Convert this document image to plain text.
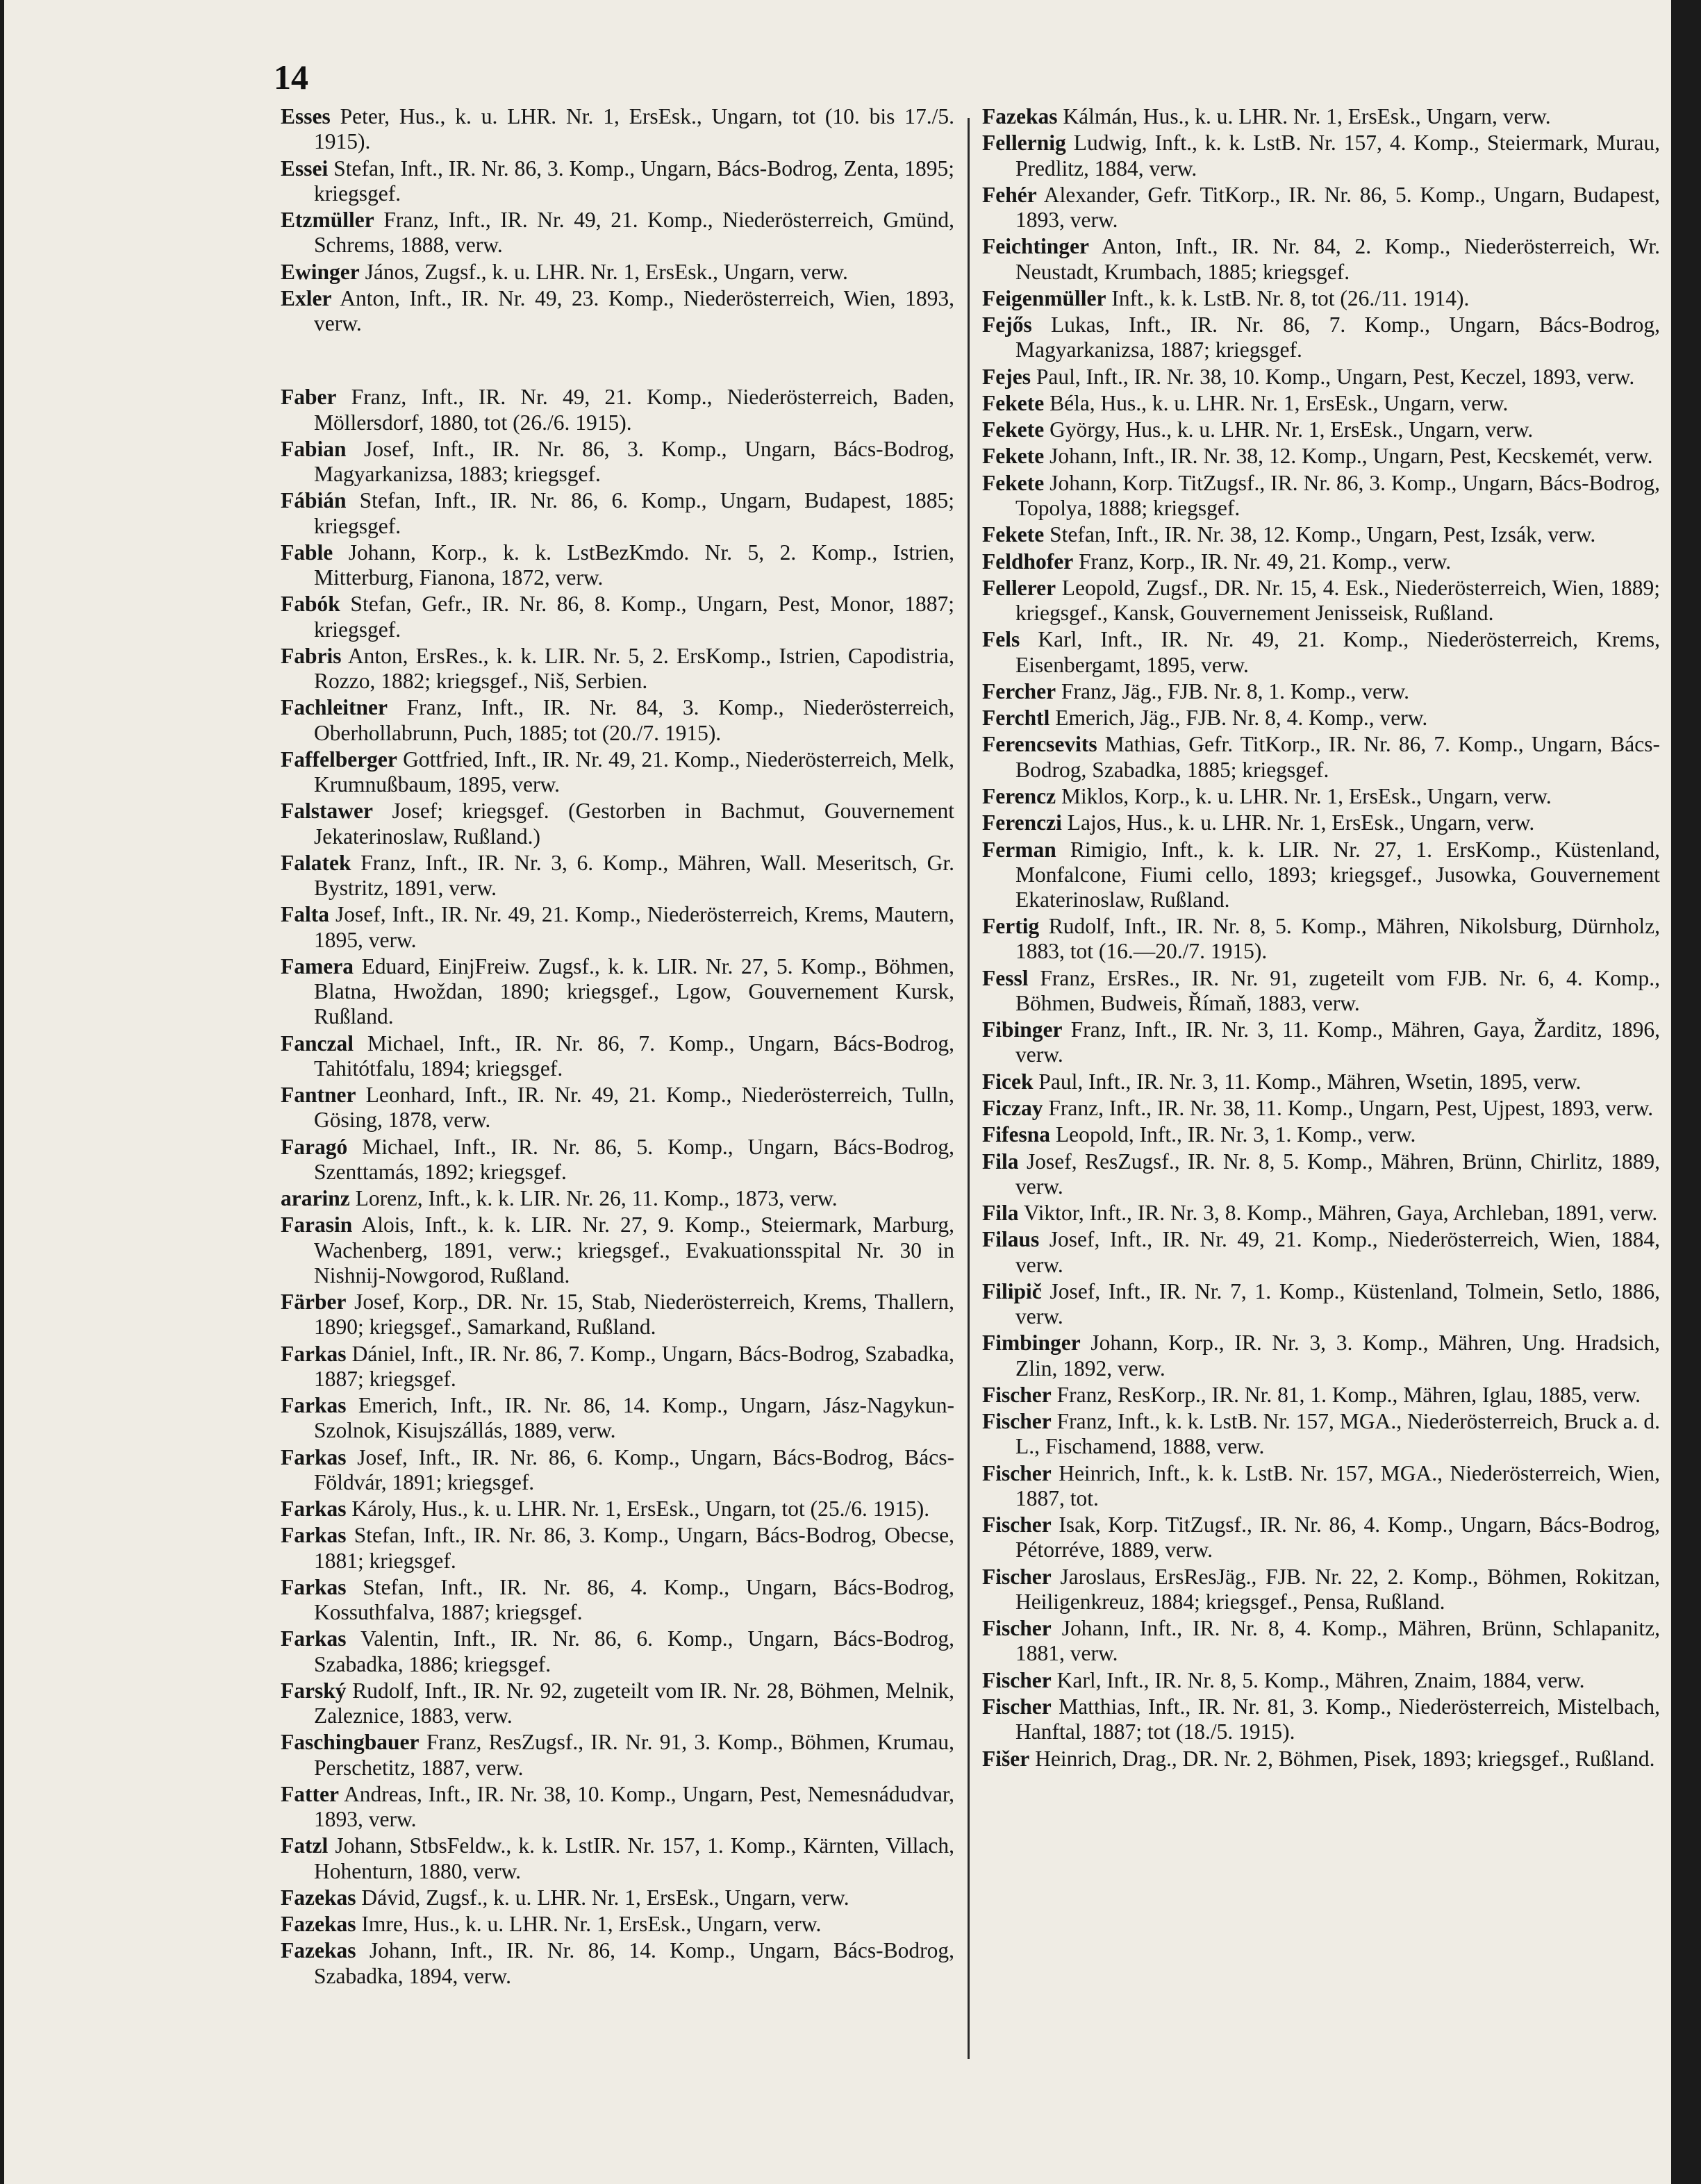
14

Esses Peter, Hus., k. u. LHR. Nr. 1, ErsEsk., Ungarn, tot (10. bis 17./5. 1915).

Essei Stefan, Inft., IR. Nr. 86, 3. Komp., Ungarn, Bács-Bodrog, Zenta, 1895; kriegsgef.

Etzmüller Franz, Inft., IR. Nr. 49, 21. Komp., Niederösterreich, Gmünd, Schrems, 1888, verw.

Ewinger János, Zugsf., k. u. LHR. Nr. 1, ErsEsk., Ungarn, verw.

Exler Anton, Inft., IR. Nr. 49, 23. Komp., Niederösterreich, Wien, 1893, verw.

Faber Franz, Inft., IR. Nr. 49, 21. Komp., Niederösterreich, Baden, Möllersdorf, 1880, tot (26./6. 1915).

Fabian Josef, Inft., IR. Nr. 86, 3. Komp., Ungarn, Bács-Bodrog, Magyarkanizsa, 1883; kriegsgef.

Fábián Stefan, Inft., IR. Nr. 86, 6. Komp., Ungarn, Budapest, 1885; kriegsgef.

Fable Johann, Korp., k. k. LstBezKmdo. Nr. 5, 2. Komp., Istrien, Mitterburg, Fianona, 1872, verw.

Fabók Stefan, Gefr., IR. Nr. 86, 8. Komp., Ungarn, Pest, Monor, 1887; kriegsgef.

Fabris Anton, ErsRes., k. k. LIR. Nr. 5, 2. ErsKomp., Istrien, Capodistria, Rozzo, 1882; kriegsgef., Niš, Serbien.

Fachleitner Franz, Inft., IR. Nr. 84, 3. Komp., Niederösterreich, Oberhollabrunn, Puch, 1885; tot (20./7. 1915).

Faffelberger Gottfried, Inft., IR. Nr. 49, 21. Komp., Niederösterreich, Melk, Krumnußbaum, 1895, verw.

Falstawer Josef; kriegsgef. (Gestorben in Bachmut, Gouvernement Jekaterinoslaw, Rußland.)

Falatek Franz, Inft., IR. Nr. 3, 6. Komp., Mähren, Wall. Meseritsch, Gr. Bystritz, 1891, verw.

Falta Josef, Inft., IR. Nr. 49, 21. Komp., Niederösterreich, Krems, Mautern, 1895, verw.

Famera Eduard, EinjFreiw. Zugsf., k. k. LIR. Nr. 27, 5. Komp., Böhmen, Blatna, Hwoždan, 1890; kriegsgef., Lgow, Gouvernement Kursk, Rußland.

Fanczal Michael, Inft., IR. Nr. 86, 7. Komp., Ungarn, Bács-Bodrog, Tahitótfalu, 1894; kriegsgef.

Fantner Leonhard, Inft., IR. Nr. 49, 21. Komp., Niederösterreich, Tulln, Gösing, 1878, verw.

Faragó Michael, Inft., IR. Nr. 86, 5. Komp., Ungarn, Bács-Bodrog, Szenttamás, 1892; kriegsgef.

ararinz Lorenz, Inft., k. k. LIR. Nr. 26, 11. Komp., 1873, verw.

Farasin Alois, Inft., k. k. LIR. Nr. 27, 9. Komp., Steiermark, Marburg, Wachenberg, 1891, verw.; kriegsgef., Evakuationsspital Nr. 30 in Nishnij-Nowgorod, Rußland.

Färber Josef, Korp., DR. Nr. 15, Stab, Niederösterreich, Krems, Thallern, 1890; kriegsgef., Samarkand, Rußland.

Farkas Dániel, Inft., IR. Nr. 86, 7. Komp., Ungarn, Bács-Bodrog, Szabadka, 1887; kriegsgef.

Farkas Emerich, Inft., IR. Nr. 86, 14. Komp., Ungarn, Jász-Nagykun-Szolnok, Kisujszállás, 1889, verw.

Farkas Josef, Inft., IR. Nr. 86, 6. Komp., Ungarn, Bács-Bodrog, Bács-Földvár, 1891; kriegsgef.

Farkas Károly, Hus., k. u. LHR. Nr. 1, ErsEsk., Ungarn, tot (25./6. 1915).

Farkas Stefan, Inft., IR. Nr. 86, 3. Komp., Ungarn, Bács-Bodrog, Obecse, 1881; kriegsgef.

Farkas Stefan, Inft., IR. Nr. 86, 4. Komp., Ungarn, Bács-Bodrog, Kossuthfalva, 1887; kriegsgef.

Farkas Valentin, Inft., IR. Nr. 86, 6. Komp., Ungarn, Bács-Bodrog, Szabadka, 1886; kriegsgef.

Farský Rudolf, Inft., IR. Nr. 92, zugeteilt vom IR. Nr. 28, Böhmen, Melnik, Zaleznice, 1883, verw.

Faschingbauer Franz, ResZugsf., IR. Nr. 91, 3. Komp., Böhmen, Krumau, Perschetitz, 1887, verw.

Fatter Andreas, Inft., IR. Nr. 38, 10. Komp., Ungarn, Pest, Nemesnádudvar, 1893, verw.

Fatzl Johann, StbsFeldw., k. k. LstIR. Nr. 157, 1. Komp., Kärnten, Villach, Hohenturn, 1880, verw.

Fazekas Dávid, Zugsf., k. u. LHR. Nr. 1, ErsEsk., Ungarn, verw.

Fazekas Imre, Hus., k. u. LHR. Nr. 1, ErsEsk., Ungarn, verw.

Fazekas Johann, Inft., IR. Nr. 86, 14. Komp., Ungarn, Bács-Bodrog, Szabadka, 1894, verw.

Fazekas Kálmán, Hus., k. u. LHR. Nr. 1, ErsEsk., Ungarn, verw.

Fellernig Ludwig, Inft., k. k. LstB. Nr. 157, 4. Komp., Steiermark, Murau, Predlitz, 1884, verw.

Fehér Alexander, Gefr. TitKorp., IR. Nr. 86, 5. Komp., Ungarn, Budapest, 1893, verw.

Feichtinger Anton, Inft., IR. Nr. 84, 2. Komp., Niederösterreich, Wr. Neustadt, Krumbach, 1885; kriegsgef.

Feigenmüller Inft., k. k. LstB. Nr. 8, tot (26./11. 1914).

Fejős Lukas, Inft., IR. Nr. 86, 7. Komp., Ungarn, Bács-Bodrog, Magyarkanizsa, 1887; kriegsgef.

Fejes Paul, Inft., IR. Nr. 38, 10. Komp., Ungarn, Pest, Keczel, 1893, verw.

Fekete Béla, Hus., k. u. LHR. Nr. 1, ErsEsk., Ungarn, verw.

Fekete György, Hus., k. u. LHR. Nr. 1, ErsEsk., Ungarn, verw.

Fekete Johann, Inft., IR. Nr. 38, 12. Komp., Ungarn, Pest, Kecskemét, verw.

Fekete Johann, Korp. TitZugsf., IR. Nr. 86, 3. Komp., Ungarn, Bács-Bodrog, Topolya, 1888; kriegsgef.

Fekete Stefan, Inft., IR. Nr. 38, 12. Komp., Ungarn, Pest, Izsák, verw.

Feldhofer Franz, Korp., IR. Nr. 49, 21. Komp., verw.

Fellerer Leopold, Zugsf., DR. Nr. 15, 4. Esk., Niederösterreich, Wien, 1889; kriegsgef., Kansk, Gouvernement Jenisseisk, Rußland.

Fels Karl, Inft., IR. Nr. 49, 21. Komp., Niederösterreich, Krems, Eisenbergamt, 1895, verw.

Fercher Franz, Jäg., FJB. Nr. 8, 1. Komp., verw.

Ferchtl Emerich, Jäg., FJB. Nr. 8, 4. Komp., verw.

Ferencsevits Mathias, Gefr. TitKorp., IR. Nr. 86, 7. Komp., Ungarn, Bács-Bodrog, Szabadka, 1885; kriegsgef.

Ferencz Miklos, Korp., k. u. LHR. Nr. 1, ErsEsk., Ungarn, verw.

Ferenczi Lajos, Hus., k. u. LHR. Nr. 1, ErsEsk., Ungarn, verw.

Ferman Rimigio, Inft., k. k. LIR. Nr. 27, 1. ErsKomp., Küstenland, Monfalcone, Fiumi cello, 1893; kriegsgef., Jusowka, Gouvernement Ekaterinoslaw, Rußland.

Fertig Rudolf, Inft., IR. Nr. 8, 5. Komp., Mähren, Nikolsburg, Dürnholz, 1883, tot (16.—20./7. 1915).

Fessl Franz, ErsRes., IR. Nr. 91, zugeteilt vom FJB. Nr. 6, 4. Komp., Böhmen, Budweis, Římaň, 1883, verw.

Fibinger Franz, Inft., IR. Nr. 3, 11. Komp., Mähren, Gaya, Žarditz, 1896, verw.

Ficek Paul, Inft., IR. Nr. 3, 11. Komp., Mähren, Wsetin, 1895, verw.

Ficzay Franz, Inft., IR. Nr. 38, 11. Komp., Ungarn, Pest, Ujpest, 1893, verw.

Fifesna Leopold, Inft., IR. Nr. 3, 1. Komp., verw.

Fila Josef, ResZugsf., IR. Nr. 8, 5. Komp., Mähren, Brünn, Chirlitz, 1889, verw.

Fila Viktor, Inft., IR. Nr. 3, 8. Komp., Mähren, Gaya, Archleban, 1891, verw.

Filaus Josef, Inft., IR. Nr. 49, 21. Komp., Niederösterreich, Wien, 1884, verw.

Filipič Josef, Inft., IR. Nr. 7, 1. Komp., Küstenland, Tolmein, Setlo, 1886, verw.

Fimbinger Johann, Korp., IR. Nr. 3, 3. Komp., Mähren, Ung. Hradsich, Zlin, 1892, verw.

Fischer Franz, ResKorp., IR. Nr. 81, 1. Komp., Mähren, Iglau, 1885, verw.

Fischer Franz, Inft., k. k. LstB. Nr. 157, MGA., Niederösterreich, Bruck a. d. L., Fischamend, 1888, verw.

Fischer Heinrich, Inft., k. k. LstB. Nr. 157, MGA., Niederösterreich, Wien, 1887, tot.

Fischer Isak, Korp. TitZugsf., IR. Nr. 86, 4. Komp., Ungarn, Bács-Bodrog, Pétorréve, 1889, verw.

Fischer Jaroslaus, ErsResJäg., FJB. Nr. 22, 2. Komp., Böhmen, Rokitzan, Heiligenkreuz, 1884; kriegsgef., Pensa, Rußland.

Fischer Johann, Inft., IR. Nr. 8, 4. Komp., Mähren, Brünn, Schlapanitz, 1881, verw.

Fischer Karl, Inft., IR. Nr. 8, 5. Komp., Mähren, Znaim, 1884, verw.

Fischer Matthias, Inft., IR. Nr. 81, 3. Komp., Niederösterreich, Mistelbach, Hanftal, 1887; tot (18./5. 1915).

Fišer Heinrich, Drag., DR. Nr. 2, Böhmen, Pisek, 1893; kriegsgef., Rußland.
